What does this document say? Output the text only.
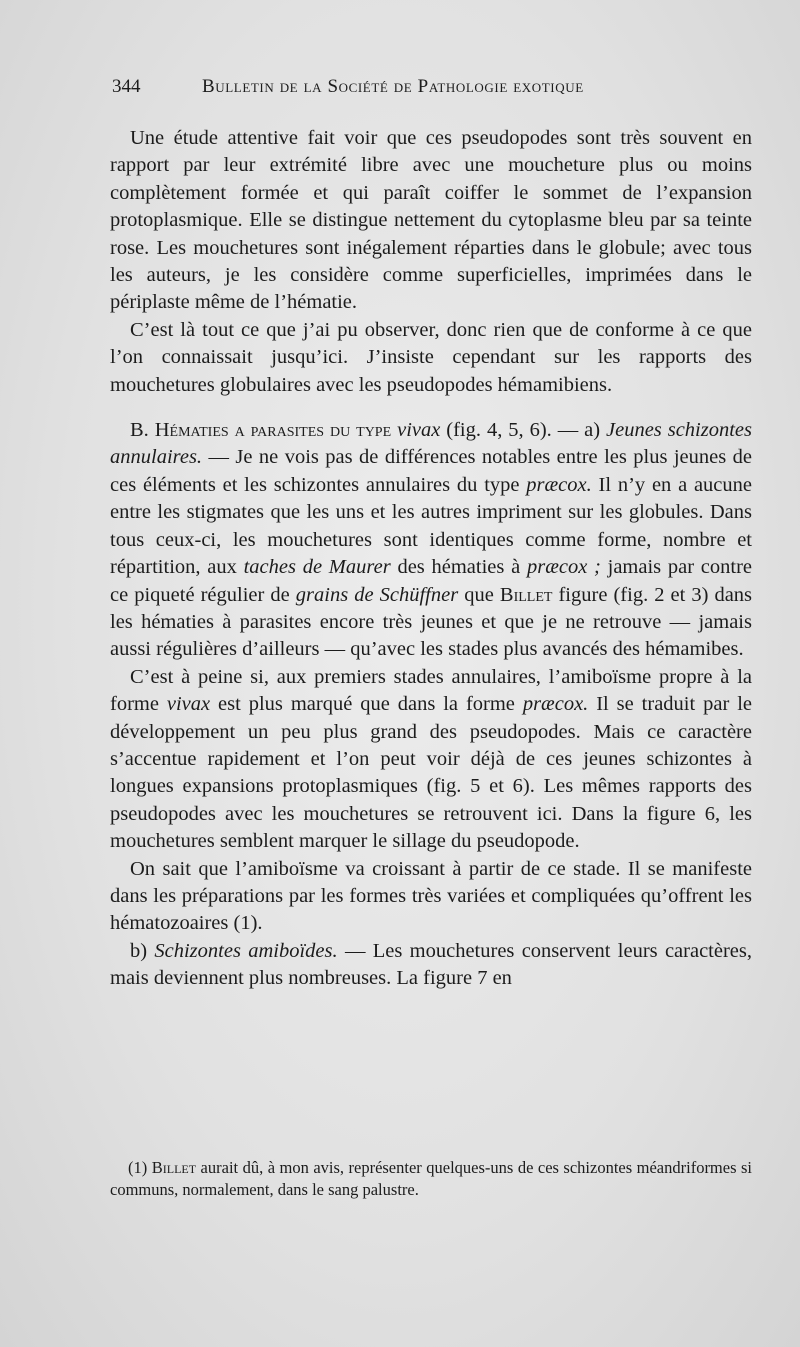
344	Bulletin de la Société de Pathologie exotique

Une étude attentive fait voir que ces pseudopodes sont très souvent en rapport par leur extrémité libre avec une moucheture plus ou moins complètement formée et qui paraît coiffer le sommet de l’expansion protoplasmique. Elle se distingue nettement du cytoplasme bleu par sa teinte rose. Les mouchetures sont inégalement réparties dans le globule; avec tous les auteurs, je les considère comme superficielles, imprimées dans le périplaste même de l’hématie.

C’est là tout ce que j’ai pu observer, donc rien que de conforme à ce que l’on connaissait jusqu’ici. J’insiste cependant sur les rapports des mouchetures globulaires avec les pseudopodes hémamibiens.

B. Hématies a parasites du type vivax (fig. 4, 5, 6). — a) Jeunes schizontes annulaires. — Je ne vois pas de différences notables entre les plus jeunes de ces éléments et les schizontes annulaires du type præcox. Il n’y en a aucune entre les stigmates que les uns et les autres impriment sur les globules. Dans tous ceux-ci, les mouchetures sont identiques comme forme, nombre et répartition, aux taches de Maurer des hématies à præcox ; jamais par contre ce piqueté régulier de grains de Schüffner que Billet figure (fig. 2 et 3) dans les hématies à parasites encore très jeunes et que je ne retrouve — jamais aussi régulières d’ailleurs — qu’avec les stades plus avancés des hémamibes.

C’est à peine si, aux premiers stades annulaires, l’amiboïsme propre à la forme vivax est plus marqué que dans la forme præcox. Il se traduit par le développement un peu plus grand des pseudopodes. Mais ce caractère s’accentue rapidement et l’on peut voir déjà de ces jeunes schizontes à longues expansions protoplasmiques (fig. 5 et 6). Les mêmes rapports des pseudopodes avec les mouchetures se retrouvent ici. Dans la figure 6, les mouchetures semblent marquer le sillage du pseudopode.

On sait que l’amiboïsme va croissant à partir de ce stade. Il se manifeste dans les préparations par les formes très variées et compliquées qu’offrent les hématozoaires (1).

b) Schizontes amiboïdes. — Les mouchetures conservent leurs caractères, mais deviennent plus nombreuses. La figure 7 en

(1) Billet aurait dû, à mon avis, représenter quelques-uns de ces schizontes méandriformes si communs, normalement, dans le sang palustre.
